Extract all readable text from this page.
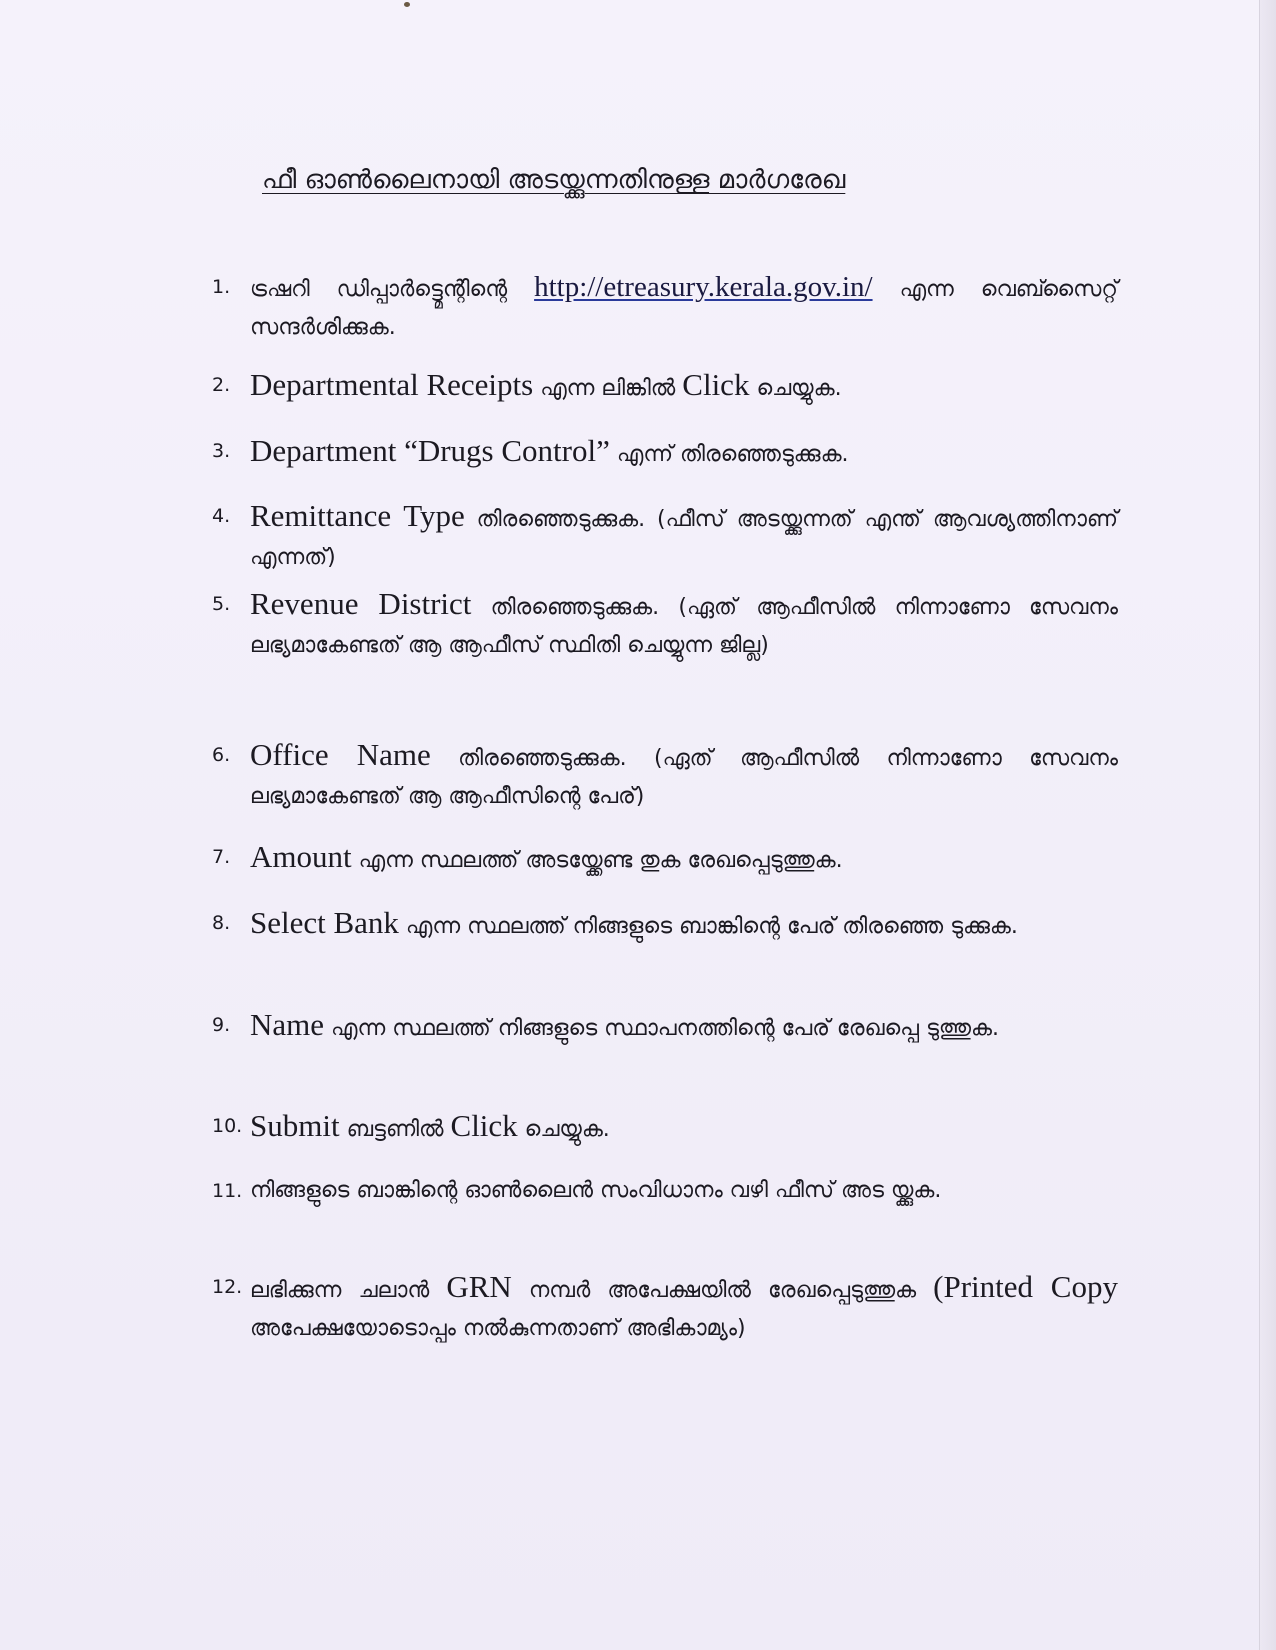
ഫീ ഓൺലൈനായി അടയ്ക്കുന്നതിനുള്ള മാർഗരേഖ
1. ട്രഷറി ഡിപ്പാർട്ട്മെന്റിന്റെ http://etreasury.kerala.gov.in/ എന്ന വെബ്സൈറ്റ് സന്ദർശിക്കുക.
2. Departmental Receipts എന്ന ലിങ്കിൽ Click ചെയ്യുക.
3. Department “Drugs Control” എന്ന് തിരഞ്ഞെടുക്കുക.
4. Remittance Type തിരഞ്ഞെടുക്കുക. (ഫീസ് അടയ്ക്കുന്നത് എന്ത് ആവശ്യത്തിനാണ് എന്നത്)
5. Revenue District തിരഞ്ഞെടുക്കുക. (ഏത് ആഫീസിൽ നിന്നാണോ സേവനം ലഭ്യമാകേണ്ടത് ആ ആഫീസ് സ്ഥിതി ചെയ്യുന്ന ജില്ല)
6. Office Name തിരഞ്ഞെടുക്കുക. (ഏത് ആഫീസിൽ നിന്നാണോ സേവനം ലഭ്യമാകേണ്ടത് ആ ആഫീസിന്റെ പേര്)
7. Amount എന്ന സ്ഥലത്ത് അടയ്ക്കേണ്ട തുക രേഖപ്പെടുത്തുക.
8. Select Bank എന്ന സ്ഥലത്ത് നിങ്ങളുടെ ബാങ്കിന്റെ പേര് തിരഞ്ഞെ ടുക്കുക.
9. Name എന്ന സ്ഥലത്ത് നിങ്ങളുടെ സ്ഥാപനത്തിന്റെ പേര് രേഖപ്പെ ടുത്തുക.
10. Submit ബട്ടണിൽ Click ചെയ്യുക.
11. നിങ്ങളുടെ ബാങ്കിന്റെ ഓൺലൈൻ സംവിധാനം വഴി ഫീസ് അട യ്ക്കുക.
12. ലഭിക്കുന്ന ചലാൻ GRN നമ്പർ അപേക്ഷയിൽ രേഖപ്പെടുത്തുക (Printed Copy അപേക്ഷയോടൊപ്പം നൽകുന്നതാണ് അഭികാമ്യം)
